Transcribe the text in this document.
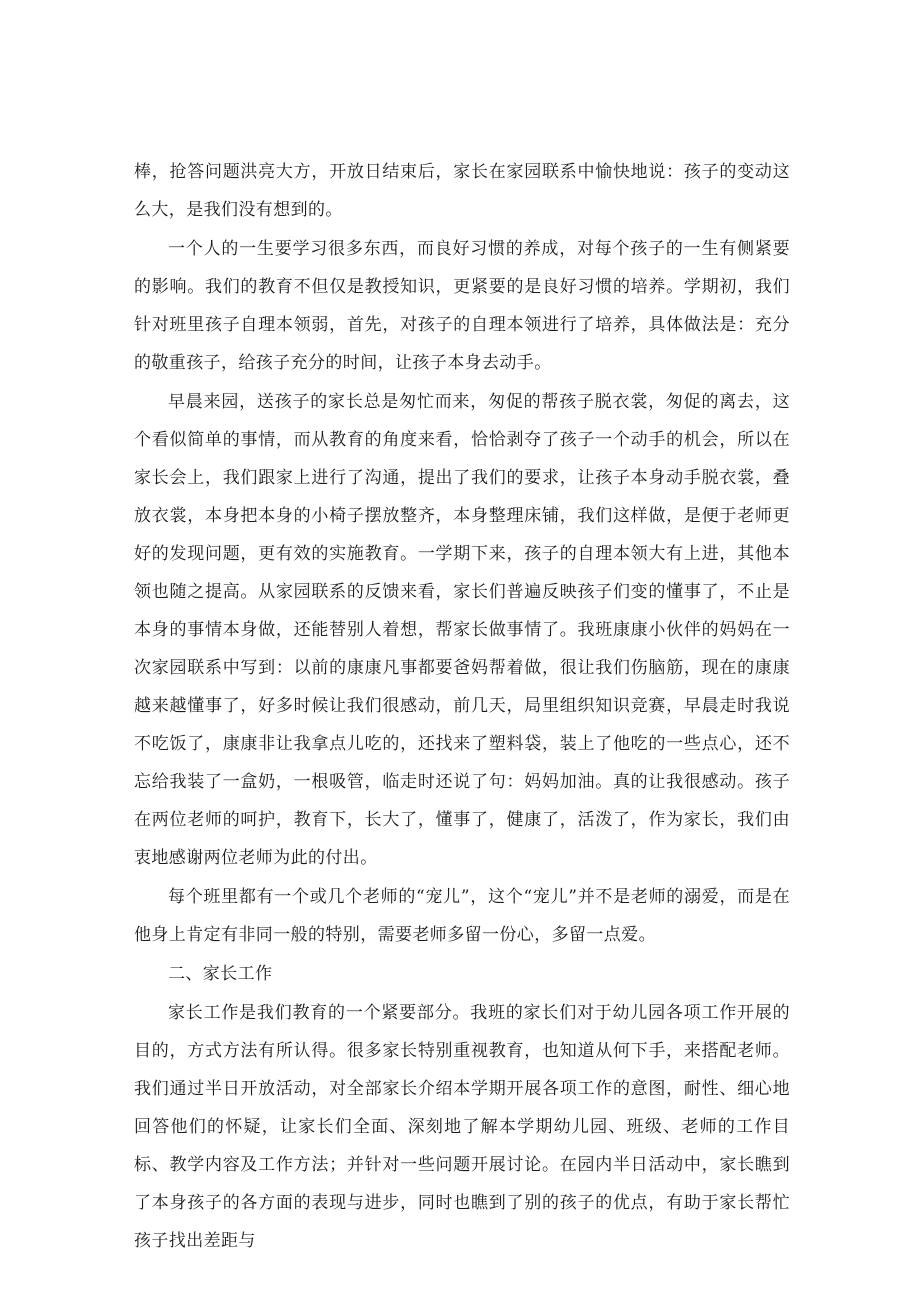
棒，抢答问题洪亮大方，开放日结束后，家长在家园联系中愉快地说：孩子的变动这么大，是我们没有想到的。

一个人的一生要学习很多东西，而良好习惯的养成，对每个孩子的一生有侧紧要的影响。我们的教育不但仅是教授知识，更紧要的是良好习惯的培养。学期初，我们针对班里孩子自理本领弱，首先，对孩子的自理本领进行了培养，具体做法是：充分的敬重孩子，给孩子充分的时间，让孩子本身去动手。

早晨来园，送孩子的家长总是匆忙而来，匆促的帮孩子脱衣裳，匆促的离去，这个看似简单的事情，而从教育的角度来看，恰恰剥夺了孩子一个动手的机会，所以在家长会上，我们跟家上进行了沟通，提出了我们的要求，让孩子本身动手脱衣裳，叠放衣裳，本身把本身的小椅子摆放整齐，本身整理床铺，我们这样做，是便于老师更好的发现问题，更有效的实施教育。一学期下来，孩子的自理本领大有上进，其他本领也随之提高。从家园联系的反馈来看，家长们普遍反映孩子们变的懂事了，不止是本身的事情本身做，还能替别人着想，帮家长做事情了。我班康康小伙伴的妈妈在一次家园联系中写到：以前的康康凡事都要爸妈帮着做，很让我们伤脑筋，现在的康康越来越懂事了，好多时候让我们很感动，前几天，局里组织知识竞赛，早晨走时我说不吃饭了，康康非让我拿点儿吃的，还找来了塑料袋，装上了他吃的一些点心，还不忘给我装了一盒奶，一根吸管，临走时还说了句：妈妈加油。真的让我很感动。孩子在两位老师的呵护，教育下，长大了，懂事了，健康了，活泼了，作为家长，我们由衷地感谢两位老师为此的付出。

每个班里都有一个或几个老师的“宠儿”，这个“宠儿”并不是老师的溺爱，而是在他身上肯定有非同一般的特别，需要老师多留一份心，多留一点爱。

二、家长工作

家长工作是我们教育的一个紧要部分。我班的家长们对于幼儿园各项工作开展的目的，方式方法有所认得。很多家长特别重视教育，也知道从何下手，来搭配老师。我们通过半日开放活动，对全部家长介绍本学期开展各项工作的意图，耐性、细心地回答他们的怀疑，让家长们全面、深刻地了解本学期幼儿园、班级、老师的工作目标、教学内容及工作方法；并针对一些问题开展讨论。在园内半日活动中，家长瞧到了本身孩子的各方面的表现与进步，同时也瞧到了别的孩子的优点，有助于家长帮忙孩子找出差距与
